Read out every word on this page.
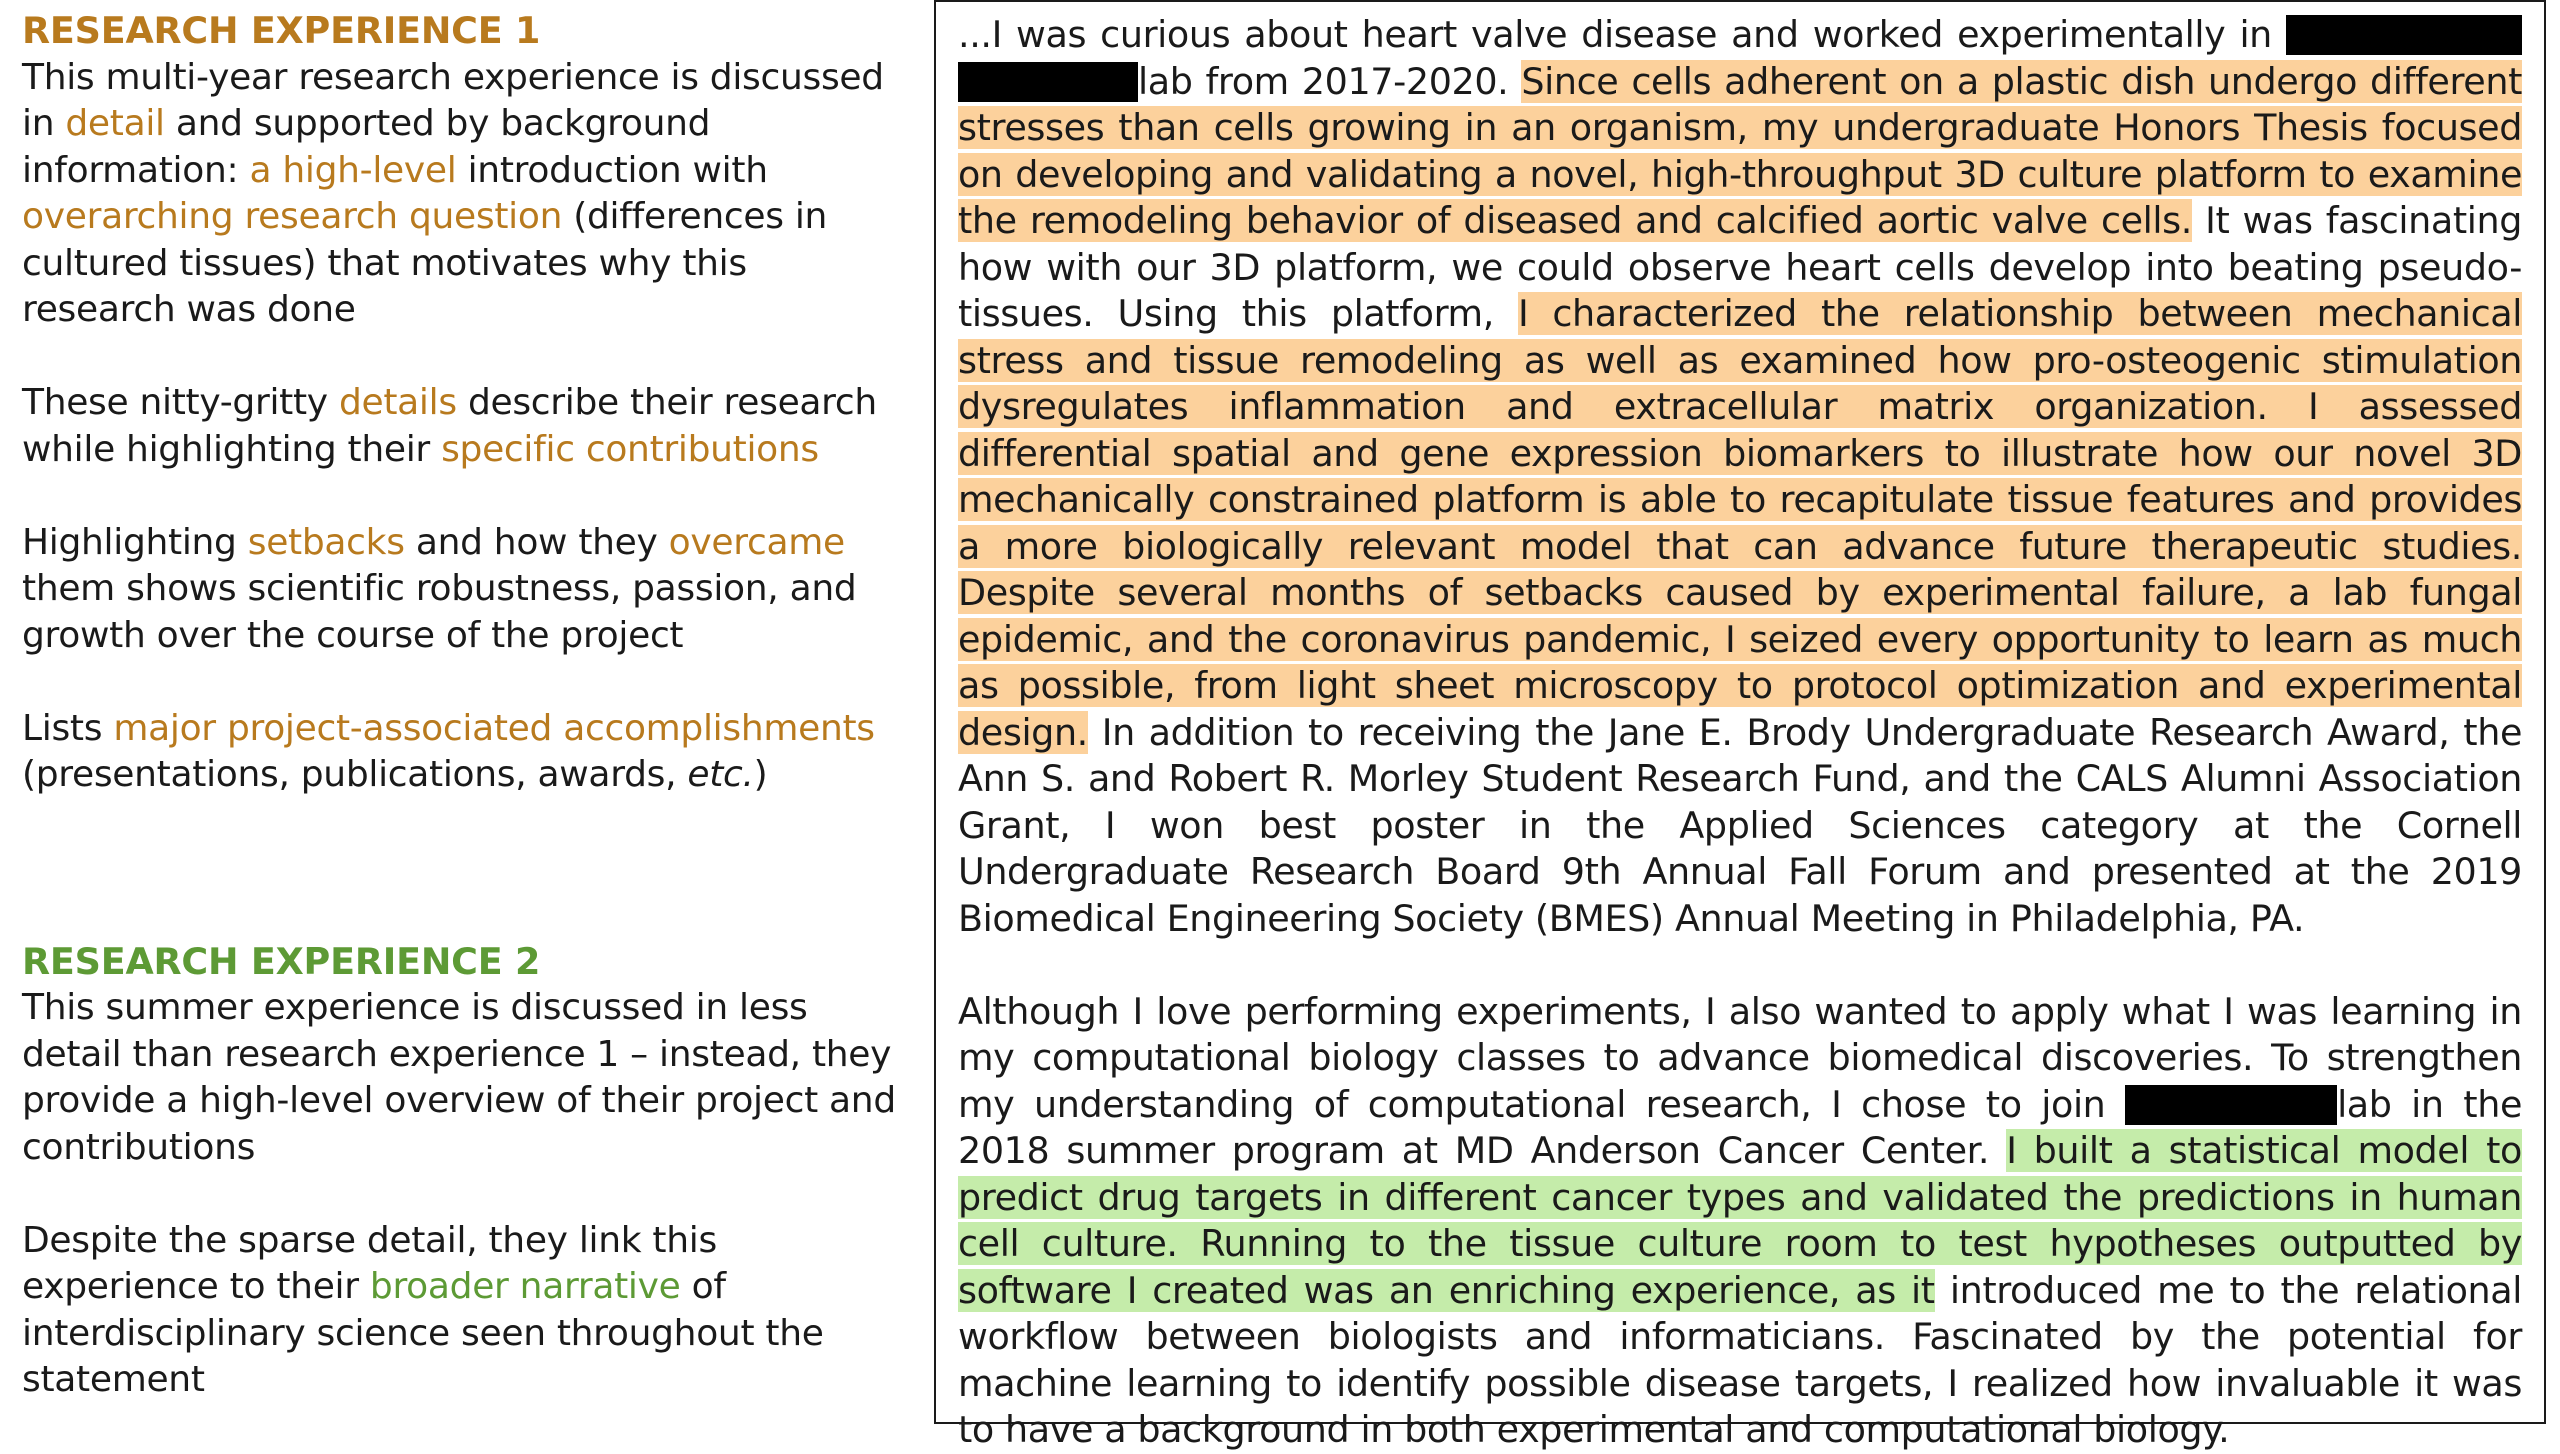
RESEARCH EXPERIENCE 1

This multi-year research experience is discussed in detail and supported by background information: a high-level introduction with overarching research question (differences in cultured tissues) that motivates why this research was done

These nitty-gritty details describe their research while highlighting their specific contributions

Highlighting setbacks and how they overcame them shows scientific robustness, passion, and growth over the course of the project

Lists major project-associated accomplishments (presentations, publications, awards, etc.)

RESEARCH EXPERIENCE 2

This summer experience is discussed in less detail than research experience 1 – instead, they provide a high-level overview of their project and contributions

Despite the sparse detail, they link this experience to their broader narrative of interdisciplinary science seen throughout the statement

...I was curious about heart valve disease and worked experimentally in  lab from 2017-2020. Since cells adherent on a plastic dish undergo different stresses than cells growing in an organism, my undergraduate Honors Thesis focused on developing and validating a novel, high-throughput 3D culture platform to examine the remodeling behavior of diseased and calcified aortic valve cells. It was fascinating how with our 3D platform, we could observe heart cells develop into beating pseudo-tissues. Using this platform, I characterized the relationship between mechanical stress and tissue remodeling as well as examined how pro-osteogenic stimulation dysregulates inflammation and extracellular matrix organization. I assessed differential spatial and gene expression biomarkers to illustrate how our novel 3D mechanically constrained platform is able to recapitulate tissue features and provides a more biologically relevant model that can advance future therapeutic studies. Despite several months of setbacks caused by experimental failure, a lab fungal epidemic, and the coronavirus pandemic, I seized every opportunity to learn as much as possible, from light sheet microscopy to protocol optimization and experimental design. In addition to receiving the Jane E. Brody Undergraduate Research Award, the Ann S. and Robert R. Morley Student Research Fund, and the CALS Alumni Association Grant, I won best poster in the Applied Sciences category at the Cornell Undergraduate Research Board 9th Annual Fall Forum and presented at the 2019 Biomedical Engineering Society (BMES) Annual Meeting in Philadelphia, PA.

Although I love performing experiments, I also wanted to apply what I was learning in my computational biology classes to advance biomedical discoveries. To strengthen my understanding of computational research, I chose to join	lab in the 2018 summer program at MD Anderson Cancer Center. I built a statistical model to predict drug targets in different cancer types and validated the predictions in human cell culture. Running to the tissue culture room to test hypotheses outputted by software I created was an enriching experience, as it introduced me to the relational workflow between biologists and informaticians. Fascinated by the potential for machine learning to identify possible disease targets, I realized how invaluable it was to have a background in both experimental and computational biology.
